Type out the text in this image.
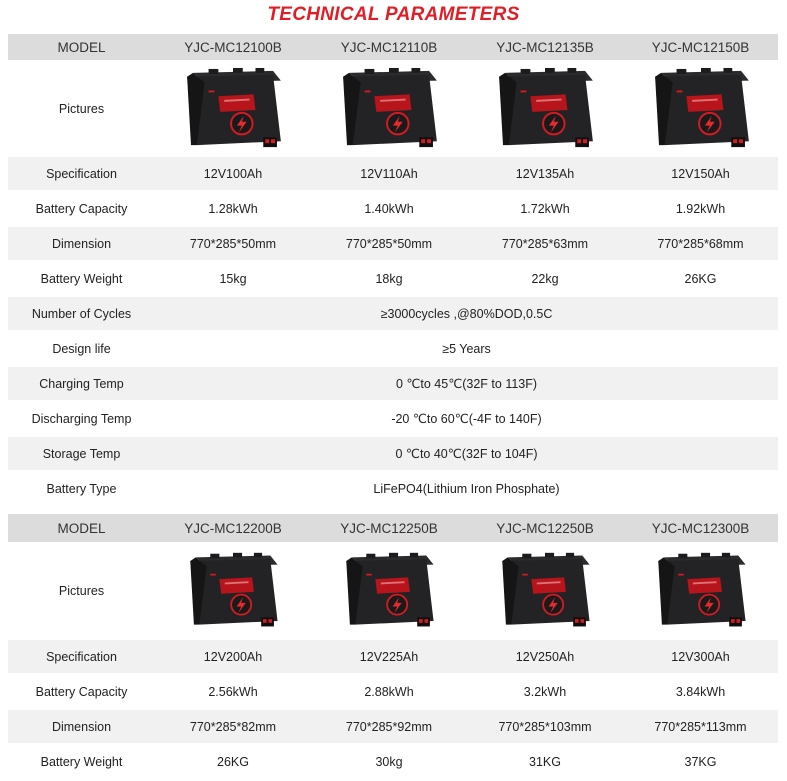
TECHNICAL PARAMETERS
MODEL	YJC-MC12100B	YJC-MC12110B	YJC-MC12135B	YJC-MC12150B
Pictures				
Specification	12V100Ah	12V110Ah	12V135Ah	12V150Ah
Battery Capacity	1.28kWh	1.40kWh	1.72kWh	1.92kWh
Dimension	770*285*50mm	770*285*50mm	770*285*63mm	770*285*68mm
Battery Weight	15kg	18kg	22kg	26KG
Number of Cycles	≥3000cycles ,@80%DOD,0.5C			
Design life	≥5 Years			
Charging Temp	0 ℃to 45℃(32F to 113F)			
Discharging Temp	-20 ℃to 60℃(-4F to 140F)			
Storage Temp	0 ℃to 40℃(32F to 104F)			
Battery Type	LiFePO4(Lithium Iron Phosphate)			
MODEL	YJC-MC12200B	YJC-MC12250B	YJC-MC12250B	YJC-MC12300B
Pictures				
Specification	12V200Ah	12V225Ah	12V250Ah	12V300Ah
Battery Capacity	2.56kWh	2.88kWh	3.2kWh	3.84kWh
Dimension	770*285*82mm	770*285*92mm	770*285*103mm	770*285*113mm
Battery Weight	26KG	30kg	31KG	37KG
